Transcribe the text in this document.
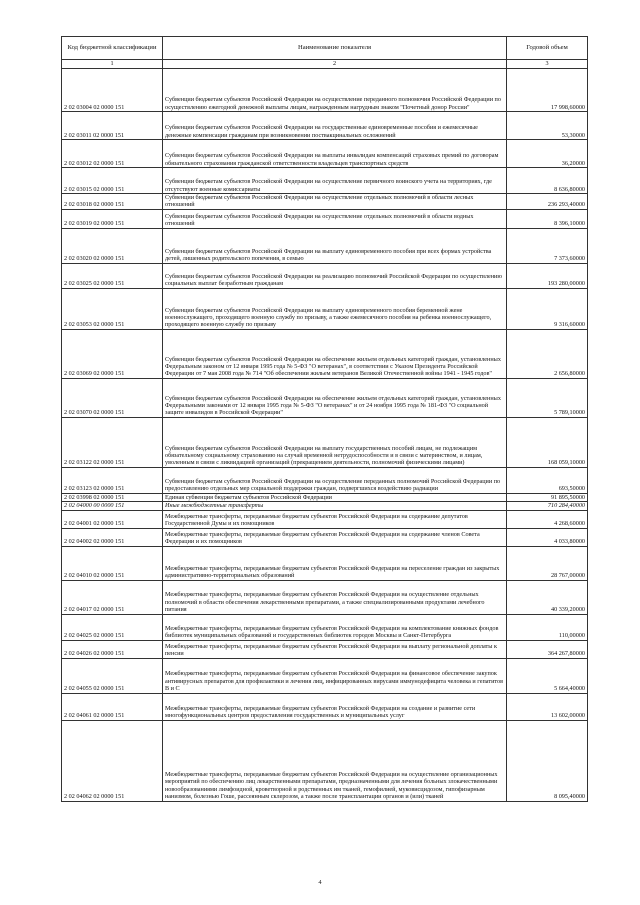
Код бюджетной классификации	Наименование показателя	Годовой объем
1	2	3
2 02 03004 02 0000 151	Субвенции бюджетам субъектов Российской Федерации на осуществление переданного полномочия Российской Федерации по осуществлению ежегодной денежной выплаты лицам, награжденным нагрудным знаком "Почетный донор России"	17 998,60000
2 02 03011 02 0000 151	Субвенции бюджетам субъектов Российской Федерации на государственные единовременные пособия и ежемесячные денежные компенсации гражданам при возникновении поствакцинальных осложнений	53,30000
2 02 03012 02 0000 151	Субвенции бюджетам субъектов Российской Федерации на выплаты инвалидам компенсаций страховых премий по договорам обязательного страхования гражданской ответственности владельцев транспортных средств	36,20000
2 02 03015 02 0000 151	Субвенции бюджетам субъектов Российской Федерации на осуществление первичного воинского учета на территориях, где отсутствуют военные комиссариаты	8 636,80000
2 02 03018 02 0000 151	Субвенции бюджетам субъектов Российской Федерации на осуществление отдельных полномочий в области лесных отношений	236 293,40000
2 02 03019 02 0000 151	Субвенции бюджетам субъектов Российской Федерации на осуществление отдельных полномочий в области водных отношений	8 396,10000
2 02 03020 02 0000 151	Субвенции бюджетам субъектов Российской Федерации на выплату единовременного пособия при всех формах устройства детей, лишенных родительского попечения, в семью	7 373,60000
2 02 03025 02 0000 151	Субвенции бюджетам субъектов Российской Федерации на реализацию полномочий Российской Федерации по осуществлению социальных выплат безработным гражданам	193 280,00000
2 02 03053 02 0000 151	Субвенции бюджетам субъектов Российской Федерации на выплату единовременного пособия беременной жене военнослужащего, проходящего военную службу по призыву, а также ежемесячного пособия на ребенка военнослужащего, проходящего военную службу по призыву	9 316,60000
2 02 03069 02 0000 151	Субвенции бюджетам субъектов Российской Федерации на обеспечение жильем отдельных категорий граждан, установленных Федеральным законом от 12 января 1995 года № 5-ФЗ "О ветеранах", в соответствии с Указом Президента Российской Федерации от 7 мая 2008 года № 714 "Об обеспечении жильем ветеранов Великой Отечественной войны 1941 - 1945 годов"	2 656,80000
2 02 03070 02 0000 151	Субвенции бюджетам субъектов Российской Федерации на обеспечение жильем отдельных категорий граждан, установленных Федеральными законами от 12 января 1995 года № 5-ФЗ "О ветеранах" и от 24 ноября 1995 года № 181-ФЗ "О социальной защите инвалидов в Российской Федерации"	5 789,10000
2 02 03122 02 0000 151	Субвенции бюджетам субъектов Российской Федерации на выплату государственных пособий лицам, не подлежащим обязательному социальному страхованию на случай временной нетрудоспособности и в связи с материнством, и лицам, уволенным в связи с ликвидацией организаций (прекращением деятельности, полномочий физическими лицами)	168 059,10000
2 02 03123 02 0000 151	Субвенции бюджетам субъектов Российской Федерации на осуществление переданных полномочий Российской Федерации по предоставлению отдельных мер социальной поддержки граждан, подвергшихся воздействию радиации	693,50000
2 02 03998 02 0000 151	Единая субвенция бюджетам субъектов Российской Федерации	91 895,50000
2 02 04000 00 0000 151	Иные межбюджетные трансферты	710 284,40000
2 02 04001 02 0000 151	Межбюджетные трансферты, передаваемые бюджетам субъектов Российской Федерации на содержание депутатов Государственной Думы и их помощников	4 268,60000
2 02 04002 02 0000 151	Межбюджетные трансферты, передаваемые бюджетам субъектов Российской Федерации на содержание членов Совета Федерации и их помощников	4 033,80000
2 02 04010 02 0000 151	Межбюджетные трансферты, передаваемые бюджетам субъектов Российской Федерации на переселение граждан из закрытых административно-территориальных образований	28 767,00000
2 02 04017 02 0000 151	Межбюджетные трансферты, передаваемые бюджетам субъектов Российской Федерации на осуществление отдельных полномочий в области обеспечения лекарственными препаратами, а также специализированными продуктами лечебного питания	40 339,20000
2 02 04025 02 0000 151	Межбюджетные трансферты, передаваемые бюджетам субъектов Российской Федерации на комплектование книжных фондов библиотек муниципальных образований и государственных библиотек городов Москвы и Санкт-Петербурга	110,00000
2 02 04026 02 0000 151	Межбюджетные трансферты, передаваемые бюджетам субъектов Российской Федерации на выплату региональной доплаты к пенсии	364 267,80000
2 02 04055 02 0000 151	Межбюджетные трансферты, передаваемые бюджетам субъектов Российской Федерации на финансовое обеспечение закупок антивирусных препаратов для профилактики и лечения лиц, инфицированных вирусами иммунодефицита человека и гепатитов B и C	5 664,40000
2 02 04061 02 0000 151	Межбюджетные трансферты, передаваемые бюджетам субъектов Российской Федерации на создание и развитие сети многофункциональных центров предоставления государственных и муниципальных услуг	13 602,00000
2 02 04062 02 0000 151	Межбюджетные трансферты, передаваемые бюджетам субъектов Российской Федерации на осуществление организационных мероприятий по обеспечению лиц лекарственными препаратами, предназначенными для лечения больных злокачественными новообразованиями лимфоидной, кроветворной и родственных им тканей, гемофилией, муковисцидозом, гипофизарным нанизмом, болезнью Гоше, рассеянным склерозом, а также после трансплантации органов и (или) тканей	8 095,40000
4
